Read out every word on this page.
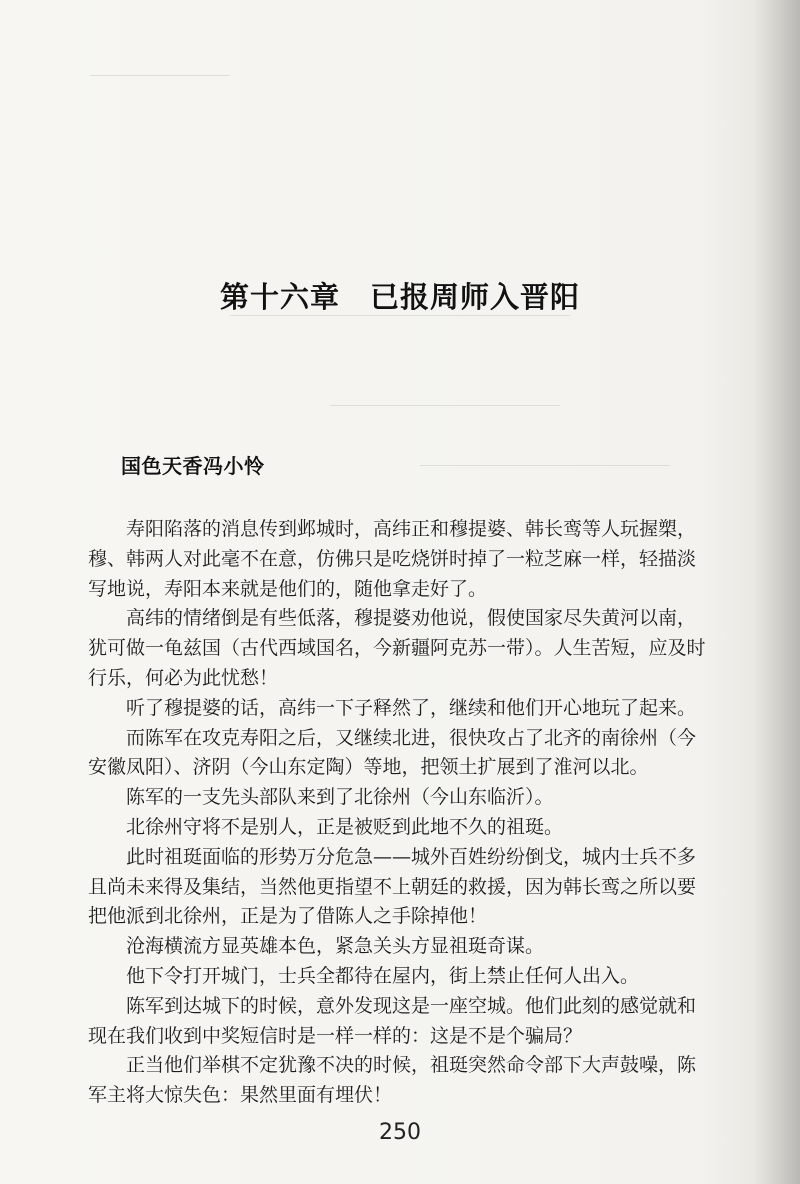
第十六章　已报周师入晋阳
国色天香冯小怜

寿阳陷落的消息传到邺城时，高纬正和穆提婆、韩长鸾等人玩握槊，穆、韩两人对此毫不在意，仿佛只是吃烧饼时掉了一粒芝麻一样，轻描淡写地说，寿阳本来就是他们的，随他拿走好了。

高纬的情绪倒是有些低落，穆提婆劝他说，假使国家尽失黄河以南，犹可做一龟兹国（古代西域国名，今新疆阿克苏一带）。人生苦短，应及时行乐，何必为此忧愁！

听了穆提婆的话，高纬一下子释然了，继续和他们开心地玩了起来。

而陈军在攻克寿阳之后，又继续北进，很快攻占了北齐的南徐州（今安徽凤阳）、济阴（今山东定陶）等地，把领土扩展到了淮河以北。

陈军的一支先头部队来到了北徐州（今山东临沂）。

北徐州守将不是别人，正是被贬到此地不久的祖珽。

此时祖珽面临的形势万分危急——城外百姓纷纷倒戈，城内士兵不多且尚未来得及集结，当然他更指望不上朝廷的救援，因为韩长鸾之所以要把他派到北徐州，正是为了借陈人之手除掉他！

沧海横流方显英雄本色，紧急关头方显祖珽奇谋。

他下令打开城门，士兵全都待在屋内，街上禁止任何人出入。

陈军到达城下的时候，意外发现这是一座空城。他们此刻的感觉就和现在我们收到中奖短信时是一样一样的：这是不是个骗局？

正当他们举棋不定犹豫不决的时候，祖珽突然命令部下大声鼓噪，陈军主将大惊失色：果然里面有埋伏！

250
